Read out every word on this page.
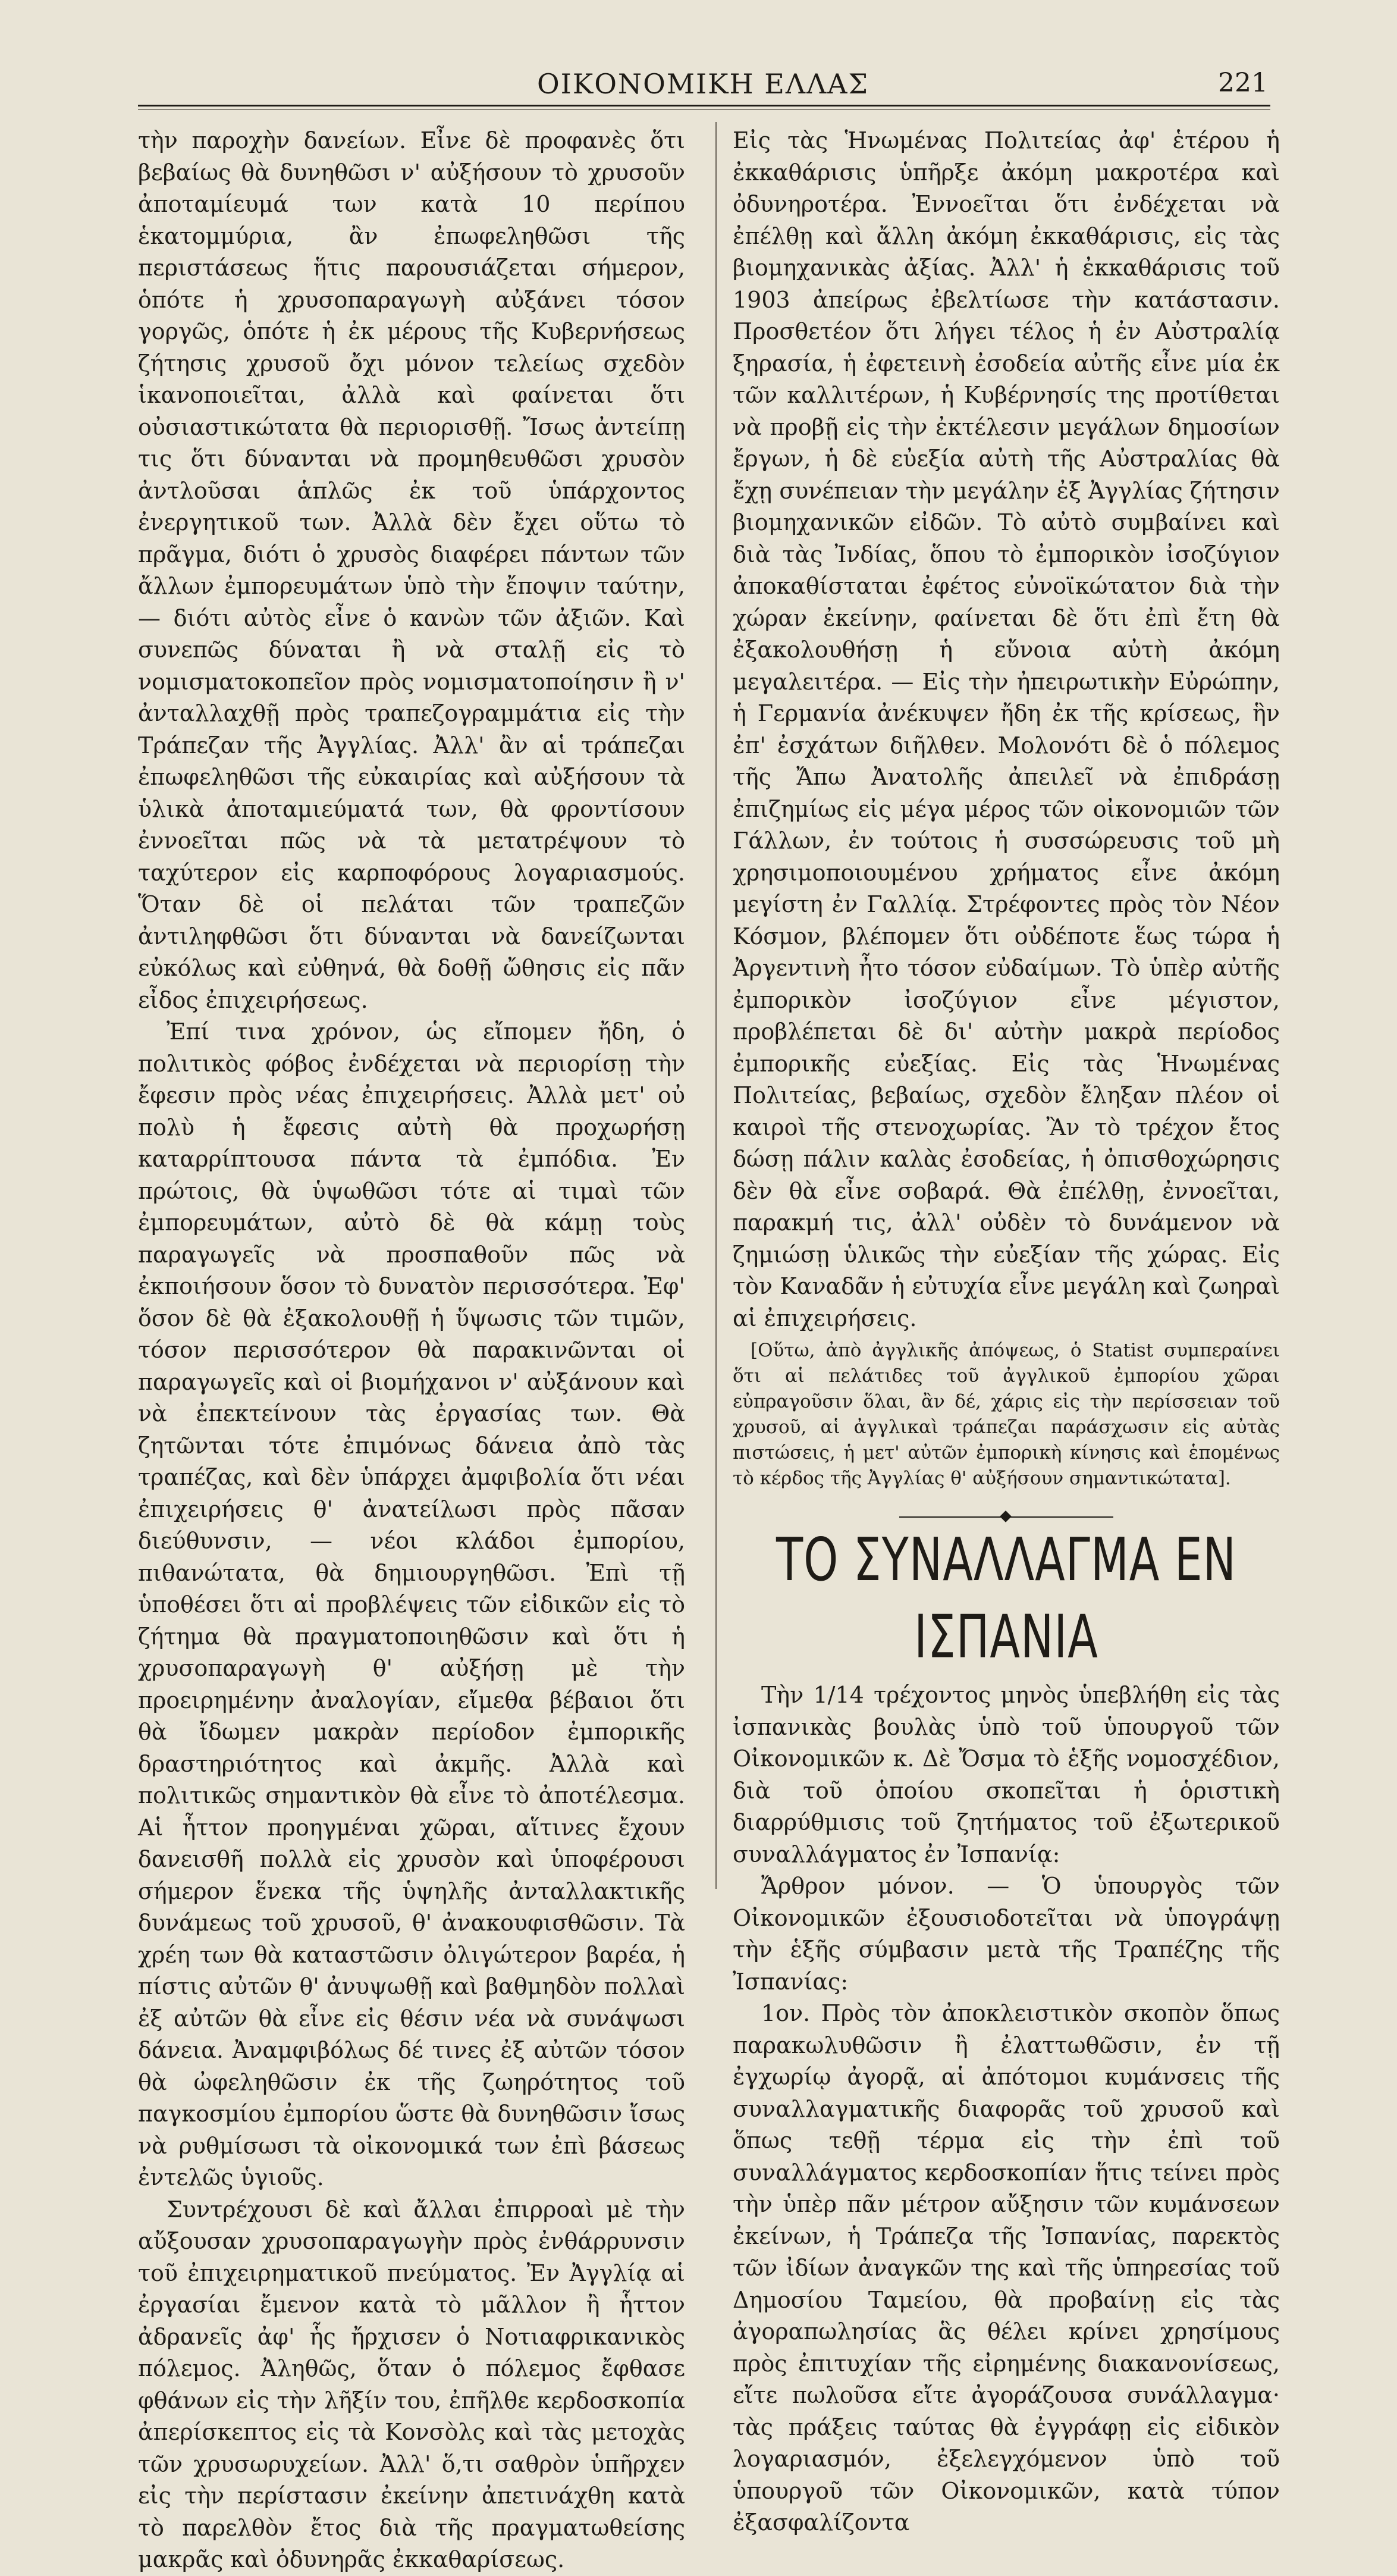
ΟΙΚΟΝΟΜΙΚΗ ΕΛΛΑΣ	221

τὴν παροχὴν δανείων. Εἶνε δὲ προφανὲς ὅτι βεβαίως θὰ δυνηθῶσι ν' αὐξήσουν τὸ χρυσοῦν ἀποταμίευμά των κατὰ 10 περίπου ἑκατομμύρια, ἂν ἐπωφεληθῶσι τῆς περιστάσεως ἥτις παρουσιάζεται σήμερον, ὁπότε ἡ χρυσοπαραγωγὴ αὐξάνει τόσον γοργῶς, ὁπότε ἡ ἐκ μέρους τῆς Κυβερνήσεως ζήτησις χρυσοῦ ὄχι μόνον τελείως σχεδὸν ἱκανοποιεῖται, ἀλλὰ καὶ φαίνεται ὅτι οὐσιαστικώτατα θὰ περιορισθῇ. Ἴσως ἀντείπῃ τις ὅτι δύνανται νὰ προμηθευθῶσι χρυσὸν ἀντλοῦσαι ἁπλῶς ἐκ τοῦ ὑπάρχοντος ἐνεργητικοῦ των. Ἀλλὰ δὲν ἔχει οὕτω τὸ πρᾶγμα, διότι ὁ χρυσὸς διαφέρει πάντων τῶν ἄλλων ἐμπορευμάτων ὑπὸ τὴν ἔποψιν ταύτην, — διότι αὐτὸς εἶνε ὁ κανὼν τῶν ἀξιῶν. Καὶ συνεπῶς δύναται ἢ νὰ σταλῇ εἰς τὸ νομισματοκοπεῖον πρὸς νομισματοποίησιν ἢ ν' ἀνταλλαχθῇ πρὸς τραπεζογραμμάτια εἰς τὴν Τράπεζαν τῆς Ἀγγλίας. Ἀλλ' ἂν αἱ τράπεζαι ἐπωφεληθῶσι τῆς εὐκαιρίας καὶ αὐξήσουν τὰ ὑλικὰ ἀποταμιεύματά των, θὰ φροντίσουν ἐννοεῖται πῶς νὰ τὰ μετατρέψουν τὸ ταχύτερον εἰς καρποφόρους λογαριασμούς. Ὅταν δὲ οἱ πελάται τῶν τραπεζῶν ἀντιληφθῶσι ὅτι δύνανται νὰ δανείζωνται εὐκόλως καὶ εὐθηνά, θὰ δοθῇ ὤθησις εἰς πᾶν εἶδος ἐπιχειρήσεως.

Ἐπί τινα χρόνον, ὡς εἴπομεν ἤδη, ὁ πολιτικὸς φόβος ἐνδέχεται νὰ περιορίσῃ τὴν ἔφεσιν πρὸς νέας ἐπιχειρήσεις. Ἀλλὰ μετ' οὐ πολὺ ἡ ἔφεσις αὐτὴ θὰ προχωρήσῃ καταρρίπτουσα πάντα τὰ ἐμπόδια. Ἐν πρώτοις, θὰ ὑψωθῶσι τότε αἱ τιμαὶ τῶν ἐμπορευμάτων, αὐτὸ δὲ θὰ κάμῃ τοὺς παραγωγεῖς νὰ προσπαθοῦν πῶς νὰ ἐκποιήσουν ὅσον τὸ δυνατὸν περισσότερα. Ἐφ' ὅσον δὲ θὰ ἐξακολουθῇ ἡ ὕψωσις τῶν τιμῶν, τόσον περισσότερον θὰ παρακινῶνται οἱ παραγωγεῖς καὶ οἱ βιομήχανοι ν' αὐξάνουν καὶ νὰ ἐπεκτείνουν τὰς ἐργασίας των. Θὰ ζητῶνται τότε ἐπιμόνως δάνεια ἀπὸ τὰς τραπέζας, καὶ δὲν ὑπάρχει ἀμφιβολία ὅτι νέαι ἐπιχειρήσεις θ' ἀνατείλωσι πρὸς πᾶσαν διεύθυνσιν, — νέοι κλάδοι ἐμπορίου, πιθανώτατα, θὰ δημιουργηθῶσι. Ἐπὶ τῇ ὑποθέσει ὅτι αἱ προβλέψεις τῶν εἰδικῶν εἰς τὸ ζήτημα θὰ πραγματοποιηθῶσιν καὶ ὅτι ἡ χρυσοπαραγωγὴ θ' αὐξήσῃ μὲ τὴν προειρημένην ἀναλογίαν, εἴμεθα βέβαιοι ὅτι θὰ ἴδωμεν μακρὰν περίοδον ἐμπορικῆς δραστηριότητος καὶ ἀκμῆς. Ἀλλὰ καὶ πολιτικῶς σημαντικὸν θὰ εἶνε τὸ ἀποτέλεσμα. Αἱ ἧττον προηγμέναι χῶραι, αἵτινες ἔχουν δανεισθῆ πολλὰ εἰς χρυσὸν καὶ ὑποφέρουσι σήμερον ἕνεκα τῆς ὑψηλῆς ἀνταλλακτικῆς δυνάμεως τοῦ χρυσοῦ, θ' ἀνακουφισθῶσιν. Τὰ χρέη των θὰ καταστῶσιν ὀλιγώτερον βαρέα, ἡ πίστις αὐτῶν θ' ἀνυψωθῇ καὶ βαθμηδὸν πολλαὶ ἐξ αὐτῶν θὰ εἶνε εἰς θέσιν νέα νὰ συνάψωσι δάνεια. Ἀναμφιβόλως δέ τινες ἐξ αὐτῶν τόσον θὰ ὠφεληθῶσιν ἐκ τῆς ζωηρότητος τοῦ παγκοσμίου ἐμπορίου ὥστε θὰ δυνηθῶσιν ἴσως νὰ ρυθμίσωσι τὰ οἰκονομικά των ἐπὶ βάσεως ἐντελῶς ὑγιοῦς.

Συντρέχουσι δὲ καὶ ἄλλαι ἐπιρροαὶ μὲ τὴν αὔξουσαν χρυσοπαραγωγὴν πρὸς ἐνθάρρυνσιν τοῦ ἐπιχειρηματικοῦ πνεύματος. Ἐν Ἀγγλίᾳ αἱ ἐργασίαι ἔμενον κατὰ τὸ μᾶλλον ἢ ἧττον ἀδρανεῖς ἀφ' ἧς ἤρχισεν ὁ Νοτιαφρικανικὸς πόλεμος. Ἀληθῶς, ὅταν ὁ πόλεμος ἔφθασε φθάνων εἰς τὴν λῆξίν του, ἐπῆλθε κερδοσκοπία ἀπερίσκεπτος εἰς τὰ Κονσὸλς καὶ τὰς μετοχὰς τῶν χρυσωρυχείων. Ἀλλ' ὅ,τι σαθρὸν ὑπῆρχεν εἰς τὴν περίστασιν ἐκείνην ἀπετινάχθη κατὰ τὸ παρελθὸν ἔτος διὰ τῆς πραγματωθείσης μακρᾶς καὶ ὀδυνηρᾶς ἐκκαθαρίσεως.

Εἰς τὰς Ἡνωμένας Πολιτείας ἀφ' ἑτέρου ἡ ἐκκαθάρισις ὑπῆρξε ἀκόμη μακροτέρα καὶ ὀδυνηροτέρα. Ἐννοεῖται ὅτι ἐνδέχεται νὰ ἐπέλθῃ καὶ ἄλλη ἀκόμη ἐκκαθάρισις, εἰς τὰς βιομηχανικὰς ἀξίας. Ἀλλ' ἡ ἐκκαθάρισις τοῦ 1903 ἀπείρως ἐβελτίωσε τὴν κατάστασιν. Προσθετέον ὅτι λήγει τέλος ἡ ἐν Αὐστραλίᾳ ξηρασία, ἡ ἐφετεινὴ ἐσοδεία αὐτῆς εἶνε μία ἐκ τῶν καλλιτέρων, ἡ Κυβέρνησίς της προτίθεται νὰ προβῇ εἰς τὴν ἐκτέλεσιν μεγάλων δημοσίων ἔργων, ἡ δὲ εὐεξία αὐτὴ τῆς Αὐστραλίας θὰ ἔχῃ συνέπειαν τὴν μεγάλην ἐξ Ἀγγλίας ζήτησιν βιομηχανικῶν εἰδῶν. Τὸ αὐτὸ συμβαίνει καὶ διὰ τὰς Ἰνδίας, ὅπου τὸ ἐμπορικὸν ἰσοζύγιον ἀποκαθίσταται ἐφέτος εὐνοϊκώτατον διὰ τὴν χώραν ἐκείνην, φαίνεται δὲ ὅτι ἐπὶ ἔτη θὰ ἐξακολουθήσῃ ἡ εὔνοια αὐτὴ ἀκόμη μεγαλειτέρα. — Εἰς τὴν ἠπειρωτικὴν Εὐρώπην, ἡ Γερμανία ἀνέκυψεν ἤδη ἐκ τῆς κρίσεως, ἣν ἐπ' ἐσχάτων διῆλθεν. Μολονότι δὲ ὁ πόλεμος τῆς Ἄπω Ἀνατολῆς ἀπειλεῖ νὰ ἐπιδράσῃ ἐπιζημίως εἰς μέγα μέρος τῶν οἰκονομιῶν τῶν Γάλλων, ἐν τούτοις ἡ συσσώρευσις τοῦ μὴ χρησιμοποιουμένου χρήματος εἶνε ἀκόμη μεγίστη ἐν Γαλλίᾳ. Στρέφοντες πρὸς τὸν Νέον Κόσμον, βλέπομεν ὅτι οὐδέποτε ἕως τώρα ἡ Ἀργεντινὴ ἦτο τόσον εὐδαίμων. Τὸ ὑπὲρ αὐτῆς ἐμπορικὸν ἰσοζύγιον εἶνε μέγιστον, προβλέπεται δὲ δι' αὐτὴν μακρὰ περίοδος ἐμπορικῆς εὐεξίας. Εἰς τὰς Ἡνωμένας Πολιτείας, βεβαίως, σχεδὸν ἔληξαν πλέον οἱ καιροὶ τῆς στενοχωρίας. Ἂν τὸ τρέχον ἔτος δώσῃ πάλιν καλὰς ἐσοδείας, ἡ ὀπισθοχώρησις δὲν θὰ εἶνε σοβαρά. Θὰ ἐπέλθῃ, ἐννοεῖται, παρακμή τις, ἀλλ' οὐδὲν τὸ δυνάμενον νὰ ζημιώσῃ ὑλικῶς τὴν εὐεξίαν τῆς χώρας. Εἰς τὸν Καναδᾶν ἡ εὐτυχία εἶνε μεγάλη καὶ ζωηραὶ αἱ ἐπιχειρήσεις.

[Οὕτω, ἀπὸ ἀγγλικῆς ἀπόψεως, ὁ Statist συμπεραίνει ὅτι αἱ πελάτιδες τοῦ ἀγγλικοῦ ἐμπορίου χῶραι εὐπραγοῦσιν ὅλαι, ἂν δέ, χάρις εἰς τὴν περίσσειαν τοῦ χρυσοῦ, αἱ ἀγγλικαὶ τράπεζαι παράσχωσιν εἰς αὐτὰς πιστώσεις, ἡ μετ' αὐτῶν ἐμπορικὴ κίνησις καὶ ἑπομένως τὸ κέρδος τῆς Ἀγγλίας θ' αὐξήσουν σημαντικώτατα].

ΤΟ ΣΥΝΑΛΛΑΓΜΑ ΕΝ ΙΣΠΑΝΙΑ

Τὴν 1/14 τρέχοντος μηνὸς ὑπεβλήθη εἰς τὰς ἰσπανικὰς βουλὰς ὑπὸ τοῦ ὑπουργοῦ τῶν Οἰκονομικῶν κ. Δὲ Ὄσμα τὸ ἑξῆς νομοσχέδιον, διὰ τοῦ ὁποίου σκοπεῖται ἡ ὁριστικὴ διαρρύθμισις τοῦ ζητήματος τοῦ ἐξωτερικοῦ συναλλάγματος ἐν Ἰσπανίᾳ:

Ἄρθρον μόνον. — Ὁ ὑπουργὸς τῶν Οἰκονομικῶν ἐξουσιοδοτεῖται νὰ ὑπογράψῃ τὴν ἑξῆς σύμβασιν μετὰ τῆς Τραπέζης τῆς Ἰσπανίας:

1ον. Πρὸς τὸν ἀποκλειστικὸν σκοπὸν ὅπως παρακωλυθῶσιν ἢ ἐλαττωθῶσιν, ἐν τῇ ἐγχωρίῳ ἀγορᾷ, αἱ ἀπότομοι κυμάνσεις τῆς συναλλαγματικῆς διαφορᾶς τοῦ χρυσοῦ καὶ ὅπως τεθῇ τέρμα εἰς τὴν ἐπὶ τοῦ συναλλάγματος κερδοσκοπίαν ἥτις τείνει πρὸς τὴν ὑπὲρ πᾶν μέτρον αὔξησιν τῶν κυμάνσεων ἐκείνων, ἡ Τράπεζα τῆς Ἰσπανίας, παρεκτὸς τῶν ἰδίων ἀναγκῶν της καὶ τῆς ὑπηρεσίας τοῦ Δημοσίου Ταμείου, θὰ προβαίνῃ εἰς τὰς ἀγοραπωλησίας ἃς θέλει κρίνει χρησίμους πρὸς ἐπιτυχίαν τῆς εἰρημένης διακανονίσεως, εἴτε πωλοῦσα εἴτε ἀγοράζουσα συνάλλαγμα· τὰς πράξεις ταύτας θὰ ἐγγράφῃ εἰς εἰδικὸν λογαριασμόν, ἐξελεγχόμενον ὑπὸ τοῦ ὑπουργοῦ τῶν Οἰκονομικῶν, κατὰ τύπον ἐξασφαλίζοντα
